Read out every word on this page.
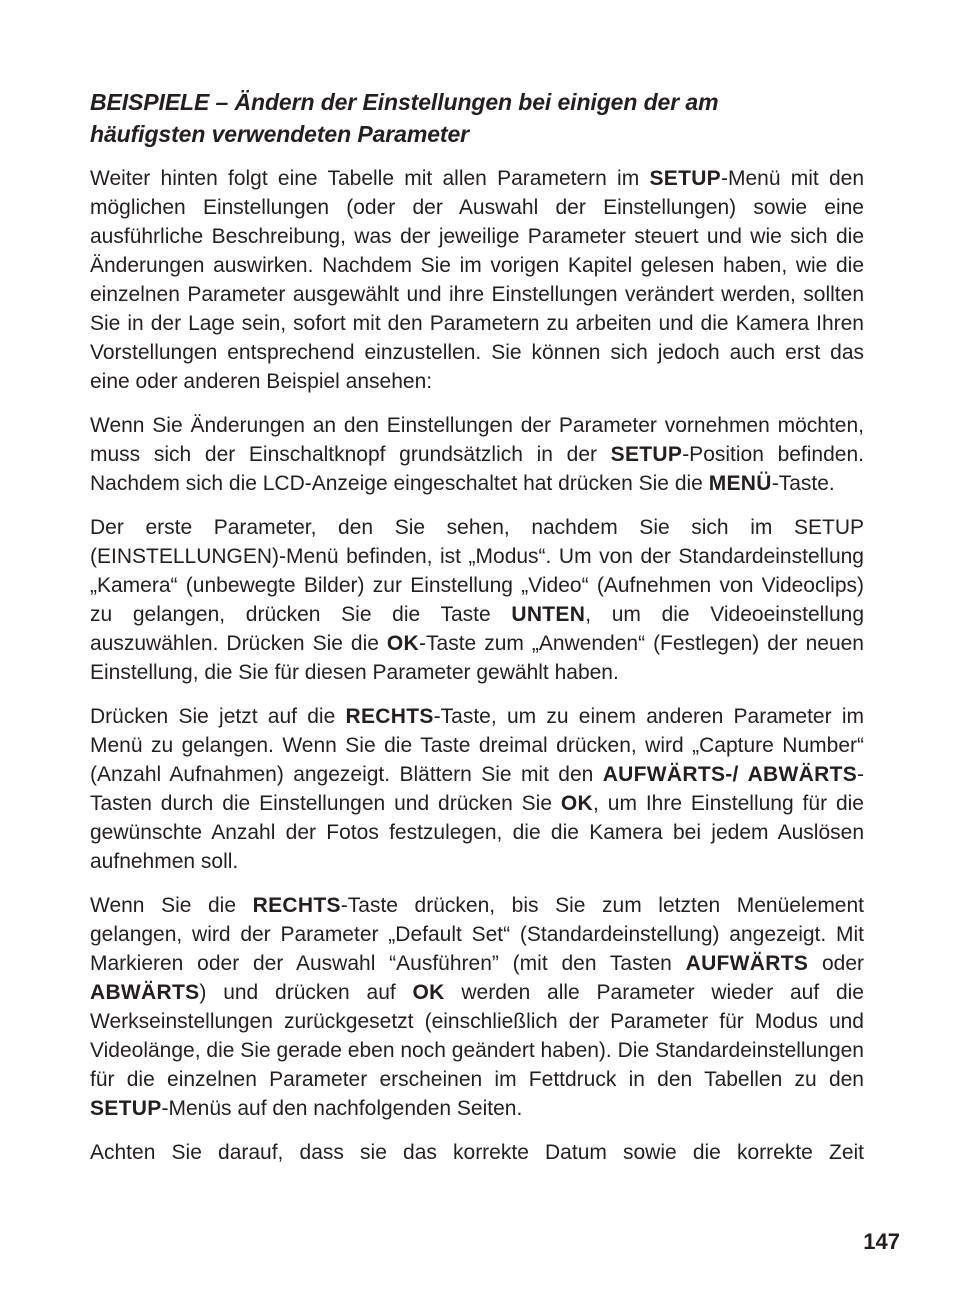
BEISPIELE – Ändern der Einstellungen bei einigen der am
häufigsten verwendeten Parameter

Weiter hinten folgt eine Tabelle mit allen Parametern im SETUP-Menü mit den möglichen Einstellungen (oder der Auswahl der Einstellungen) sowie eine ausführliche Beschreibung, was der jeweilige Parameter steuert und wie sich die Änderungen auswirken. Nachdem Sie im vorigen Kapitel gelesen haben, wie die einzelnen Parameter ausgewählt und ihre Einstellungen verändert werden, sollten Sie in der Lage sein, sofort mit den Parametern zu arbeiten und die Kamera Ihren Vorstellungen entsprechend einzustellen. Sie können sich jedoch auch erst das eine oder anderen Beispiel ansehen:

Wenn Sie Änderungen an den Einstellungen der Parameter vornehmen möchten, muss sich der Einschaltknopf grundsätzlich in der SETUP-Position befinden. Nachdem sich die LCD-Anzeige eingeschaltet hat drücken Sie die MENÜ-Taste.

Der erste Parameter, den Sie sehen, nachdem Sie sich im SETUP (EINSTELLUNGEN)-Menü befinden, ist „Modus“. Um von der Standardeinstellung „Kamera“ (unbewegte Bilder) zur Einstellung „Video“ (Aufnehmen von Videoclips) zu gelangen, drücken Sie die Taste UNTEN, um die Videoeinstellung auszuwählen. Drücken Sie die OK-Taste zum „Anwenden“ (Festlegen) der neuen Einstellung, die Sie für diesen Parameter gewählt haben.

Drücken Sie jetzt auf die RECHTS-Taste, um zu einem anderen Parameter im Menü zu gelangen. Wenn Sie die Taste dreimal drücken, wird „Capture Number“ (Anzahl Aufnahmen) angezeigt. Blättern Sie mit den AUFWÄRTS-/ ABWÄRTS-Tasten durch die Einstellungen und drücken Sie OK, um Ihre Einstellung für die gewünschte Anzahl der Fotos festzulegen, die die Kamera bei jedem Auslösen aufnehmen soll.

Wenn Sie die RECHTS-Taste drücken, bis Sie zum letzten Menüelement gelangen, wird der Parameter „Default Set“ (Standardeinstellung) angezeigt. Mit Markieren oder der Auswahl “Ausführen” (mit den Tasten AUFWÄRTS oder ABWÄRTS) und drücken auf OK werden alle Parameter wieder auf die Werkseinstellungen zurückgesetzt (einschließlich der Parameter für Modus und Videolänge, die Sie gerade eben noch geändert haben). Die Standardeinstellungen für die einzelnen Parameter erscheinen im Fettdruck in den Tabellen zu den SETUP-Menüs auf den nachfolgenden Seiten.

Achten Sie darauf, dass sie das korrekte Datum sowie die korrekte Zeit

147
